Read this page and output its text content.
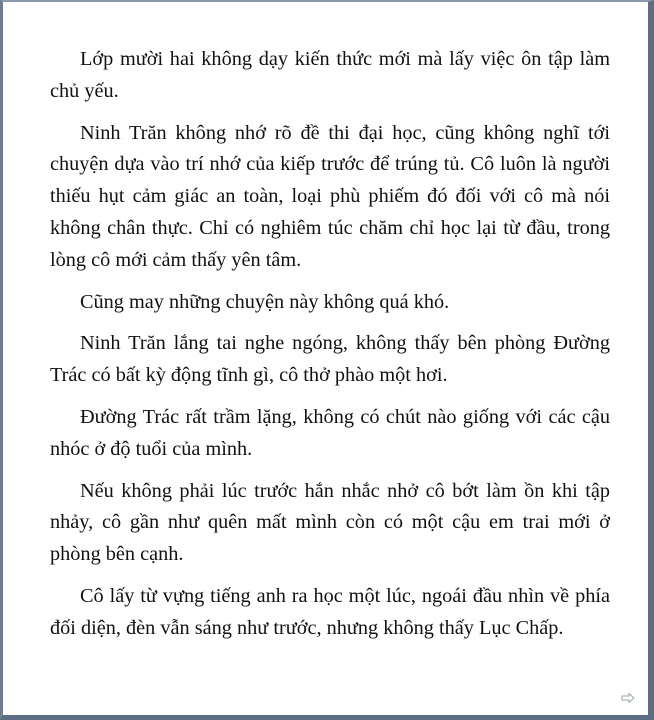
Lớp mười hai không dạy kiến thức mới mà lấy việc ôn tập làm chủ yếu.

Ninh Trăn không nhớ rõ đề thi đại học, cũng không nghĩ tới chuyện dựa vào trí nhớ của kiếp trước để trúng tủ. Cô luôn là người thiếu hụt cảm giác an toàn, loại phù phiếm đó đối với cô mà nói không chân thực. Chỉ có nghiêm túc chăm chỉ học lại từ đầu, trong lòng cô mới cảm thấy yên tâm.

Cũng may những chuyện này không quá khó.

Ninh Trăn lắng tai nghe ngóng, không thấy bên phòng Đường Trác có bất kỳ động tĩnh gì, cô thở phào một hơi.

Đường Trác rất trầm lặng, không có chút nào giống với các cậu nhóc ở độ tuổi của mình.

Nếu không phải lúc trước hắn nhắc nhở cô bớt làm ồn khi tập nhảy, cô gần như quên mất mình còn có một cậu em trai mới ở phòng bên cạnh.

Cô lấy từ vựng tiếng anh ra học một lúc, ngoái đầu nhìn về phía đối diện, đèn vẫn sáng như trước, nhưng không thấy Lục Chấp.
